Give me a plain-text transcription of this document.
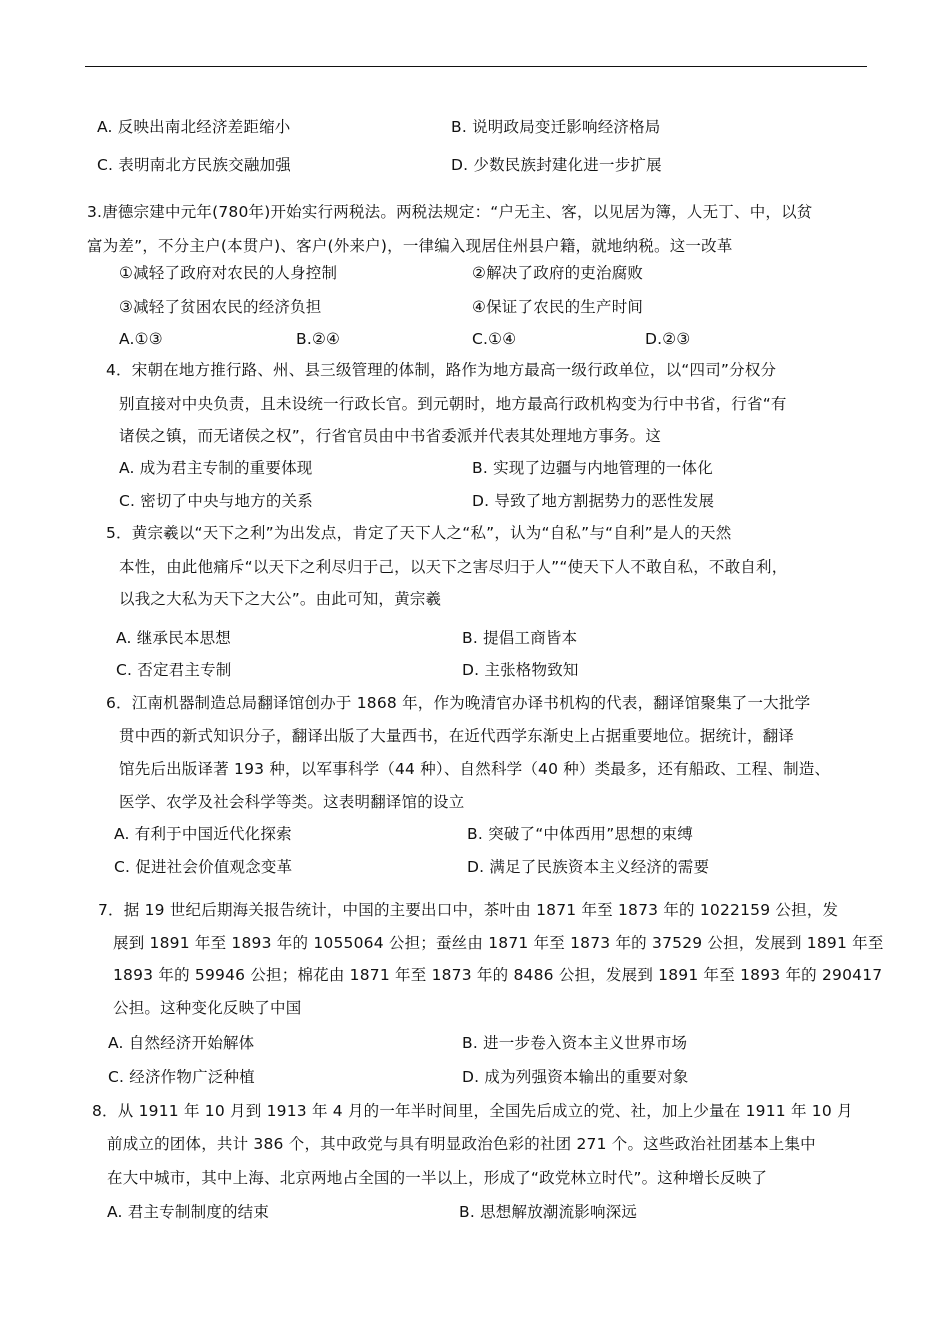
A. 反映出南北经济差距缩小	B. 说明政局变迁影响经济格局
C. 表明南北方民族交融加强	D. 少数民族封建化进一步扩展
3.唐德宗建中元年(780年)开始实行两税法。两税法规定：“户无主、客，以见居为簿，人无丁、中，以贫
富为差”，不分主户(本贯户)、客户(外来户)，一律编入现居住州县户籍，就地纳税。这一改革
①减轻了政府对农民的人身控制	②解决了政府的吏治腐败
③减轻了贫困农民的经济负担	④保证了农民的生产时间
A.①③	B.②④	C.①④	D.②③
4．宋朝在地方推行路、州、县三级管理的体制，路作为地方最高一级行政单位，以“四司”分权分
别直接对中央负责，且未设统一行政长官。到元朝时，地方最高行政机构变为行中书省，行省“有
诸侯之镇，而无诸侯之权”，行省官员由中书省委派并代表其处理地方事务。这
A. 成为君主专制的重要体现	B. 实现了边疆与内地管理的一体化
C. 密切了中央与地方的关系	D. 导致了地方割据势力的恶性发展
5．黄宗羲以“天下之利”为出发点，肯定了天下人之“私”，认为“自私”与“自利”是人的天然
本性，由此他痛斥“以天下之利尽归于己，以天下之害尽归于人”“使天下人不敢自私，不敢自利，
以我之大私为天下之大公”。由此可知，黄宗羲
A. 继承民本思想	B. 提倡工商皆本
C. 否定君主专制	D. 主张格物致知
6．江南机器制造总局翻译馆创办于 1868 年，作为晚清官办译书机构的代表，翻译馆聚集了一大批学
贯中西的新式知识分子，翻译出版了大量西书，在近代西学东渐史上占据重要地位。据统计，翻译
馆先后出版译著 193 种，以军事科学（44 种）、自然科学（40 种）类最多，还有船政、工程、制造、
医学、农学及社会科学等类。这表明翻译馆的设立
A. 有利于中国近代化探索	B. 突破了“中体西用”思想的束缚
C. 促进社会价值观念变革	D. 满足了民族资本主义经济的需要
7．据 19 世纪后期海关报告统计，中国的主要出口中，茶叶由 1871 年至 1873 年的 1022159 公担，发
展到 1891 年至 1893 年的 1055064 公担；蚕丝由 1871 年至 1873 年的 37529 公担，发展到 1891 年至
1893 年的 59946 公担；棉花由 1871 年至 1873 年的 8486 公担，发展到 1891 年至 1893 年的 290417
公担。这种变化反映了中国
A. 自然经济开始解体	B. 进一步卷入资本主义世界市场
C. 经济作物广泛种植	D. 成为列强资本输出的重要对象
8．从 1911 年 10 月到 1913 年 4 月的一年半时间里，全国先后成立的党、社，加上少量在 1911 年 10 月
前成立的团体，共计 386 个，其中政党与具有明显政治色彩的社团 271 个。这些政治社团基本上集中
在大中城市，其中上海、北京两地占全国的一半以上，形成了“政党林立时代”。这种增长反映了
A. 君主专制制度的结束	B. 思想解放潮流影响深远
